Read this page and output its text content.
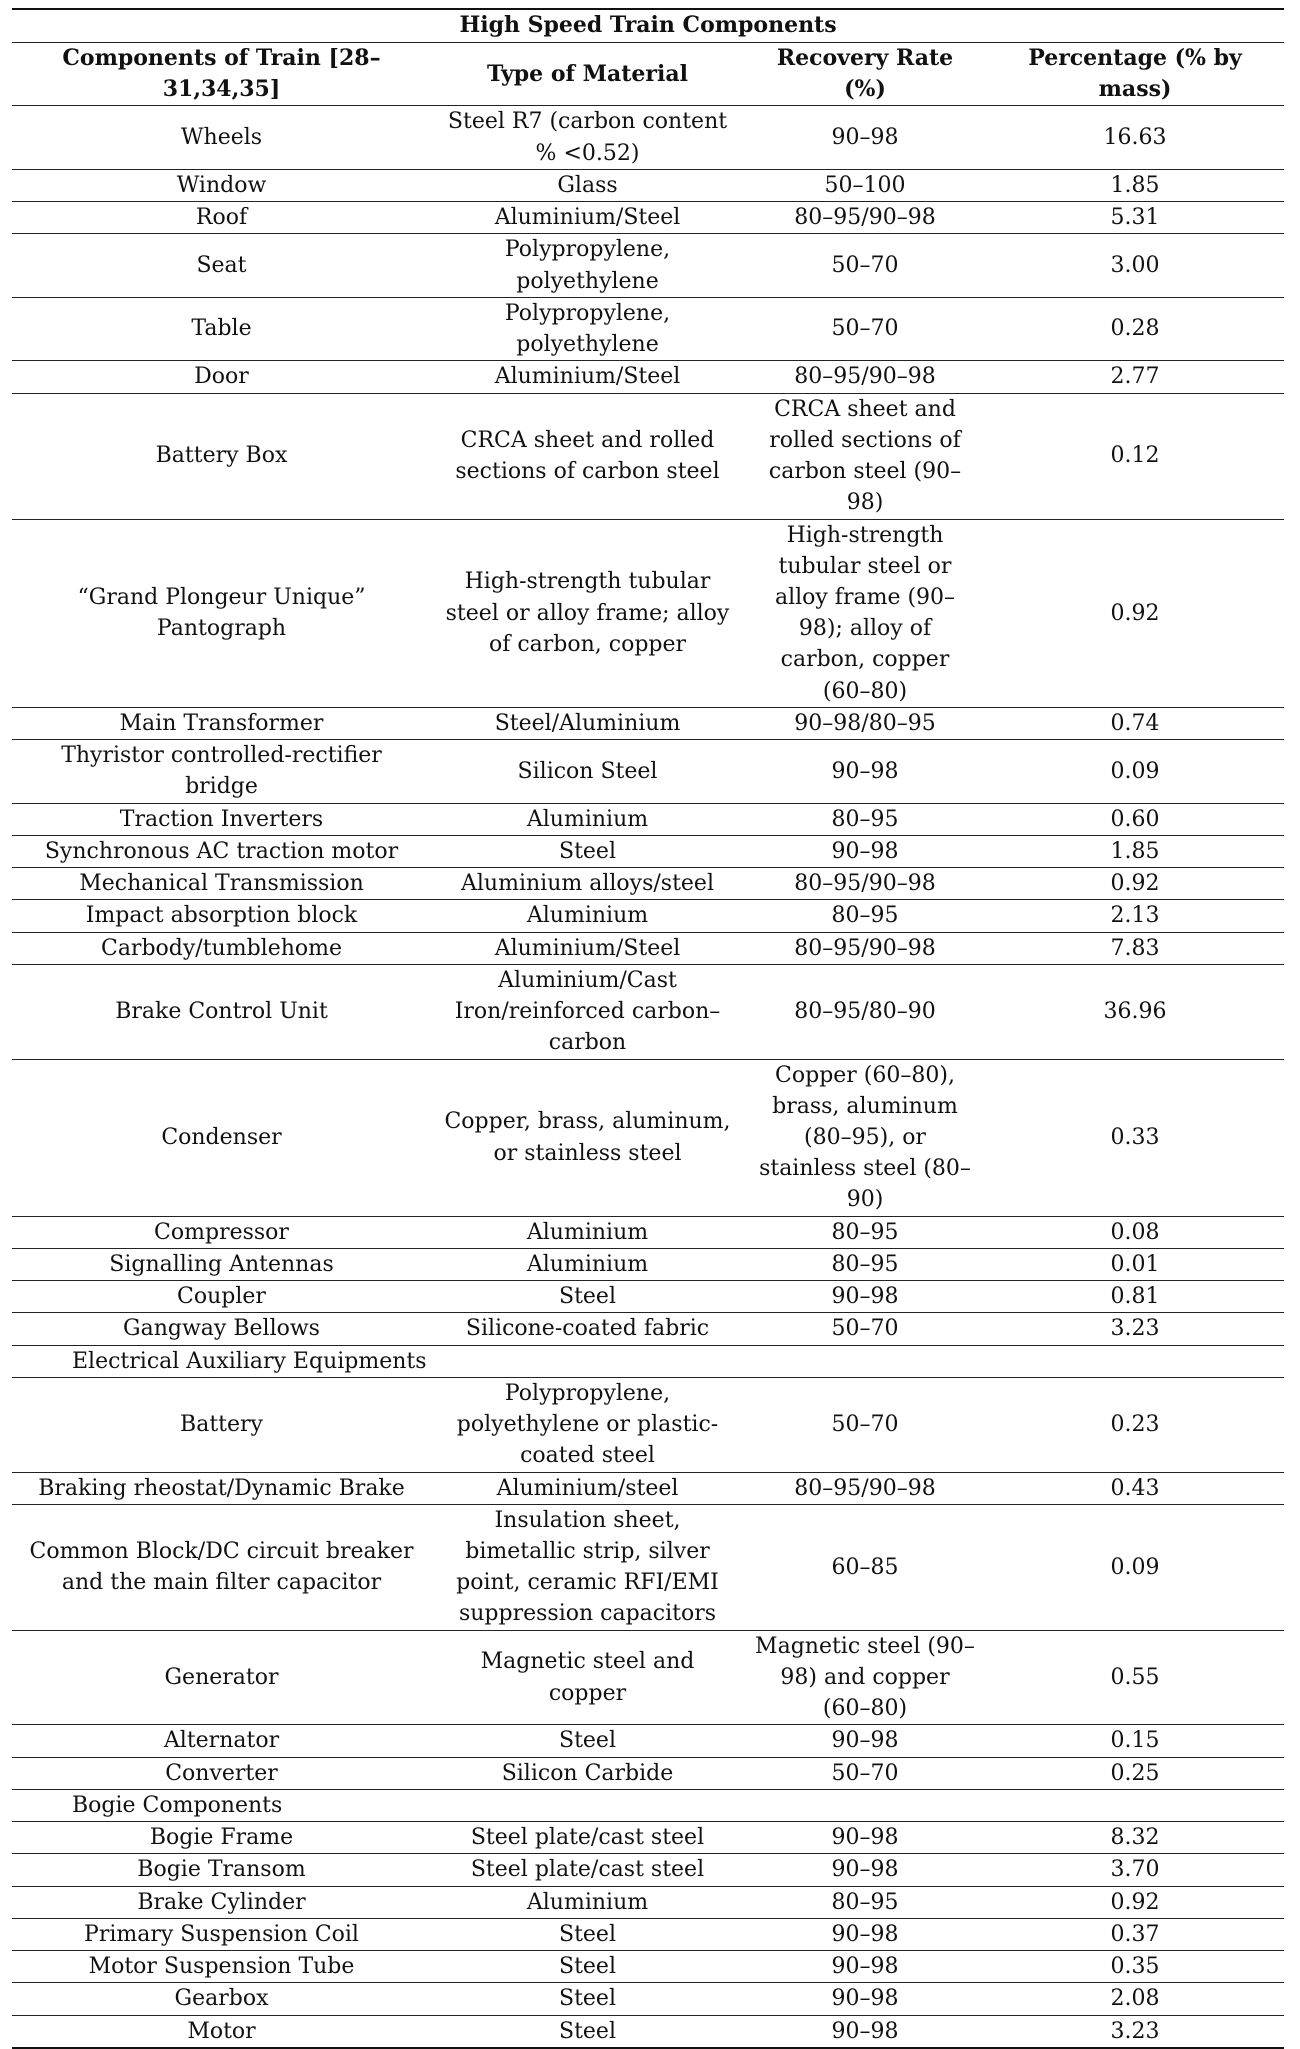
High Speed Train Components			
Components of Train [28–31,34,35]	Type of Material	Recovery Rate (%)	Percentage (% by mass)
Wheels	Steel R7 (carbon content % <0.52)	90–98	16.63
Window	Glass	50–100	1.85
Roof	Aluminium/Steel	80–95/90–98	5.31
Seat	Polypropylene, polyethylene	50–70	3.00
Table	Polypropylene, polyethylene	50–70	0.28
Door	Aluminium/Steel	80–95/90–98	2.77
Battery Box	CRCA sheet and rolled sections of carbon steel	CRCA sheet and rolled sections of carbon steel (90–98)	0.12
“Grand Plongeur Unique” Pantograph	High-strength tubular steel or alloy frame; alloy of carbon, copper	High-strength tubular steel or alloy frame (90–98); alloy of carbon, copper (60–80)	0.92
Main Transformer	Steel/Aluminium	90–98/80–95	0.74
Thyristor controlled-rectifier bridge	Silicon Steel	90–98	0.09
Traction Inverters	Aluminium	80–95	0.60
Synchronous AC traction motor	Steel	90–98	1.85
Mechanical Transmission	Aluminium alloys/steel	80–95/90–98	0.92
Impact absorption block	Aluminium	80–95	2.13
Carbody/tumblehome	Aluminium/Steel	80–95/90–98	7.83
Brake Control Unit	Aluminium/Cast Iron/reinforced carbon–carbon	80–95/80–90	36.96
Condenser	Copper, brass, aluminum, or stainless steel	Copper (60–80), brass, aluminum (80–95), or stainless steel (80–90)	0.33
Compressor	Aluminium	80–95	0.08
Signalling Antennas	Aluminium	80–95	0.01
Coupler	Steel	90–98	0.81
Gangway Bellows	Silicone-coated fabric	50–70	3.23
Electrical Auxiliary Equipments			
Battery	Polypropylene, polyethylene or plastic-coated steel	50–70	0.23
Braking rheostat/Dynamic Brake	Aluminium/steel	80–95/90–98	0.43
Common Block/DC circuit breaker and the main filter capacitor	Insulation sheet, bimetallic strip, silver point, ceramic RFI/EMI suppression capacitors	60–85	0.09
Generator	Magnetic steel and copper	Magnetic steel (90–98) and copper (60–80)	0.55
Alternator	Steel	90–98	0.15
Converter	Silicon Carbide	50–70	0.25
Bogie Components			
Bogie Frame	Steel plate/cast steel	90–98	8.32
Bogie Transom	Steel plate/cast steel	90–98	3.70
Brake Cylinder	Aluminium	80–95	0.92
Primary Suspension Coil	Steel	90–98	0.37
Motor Suspension Tube	Steel	90–98	0.35
Gearbox	Steel	90–98	2.08
Motor	Steel	90–98	3.23
